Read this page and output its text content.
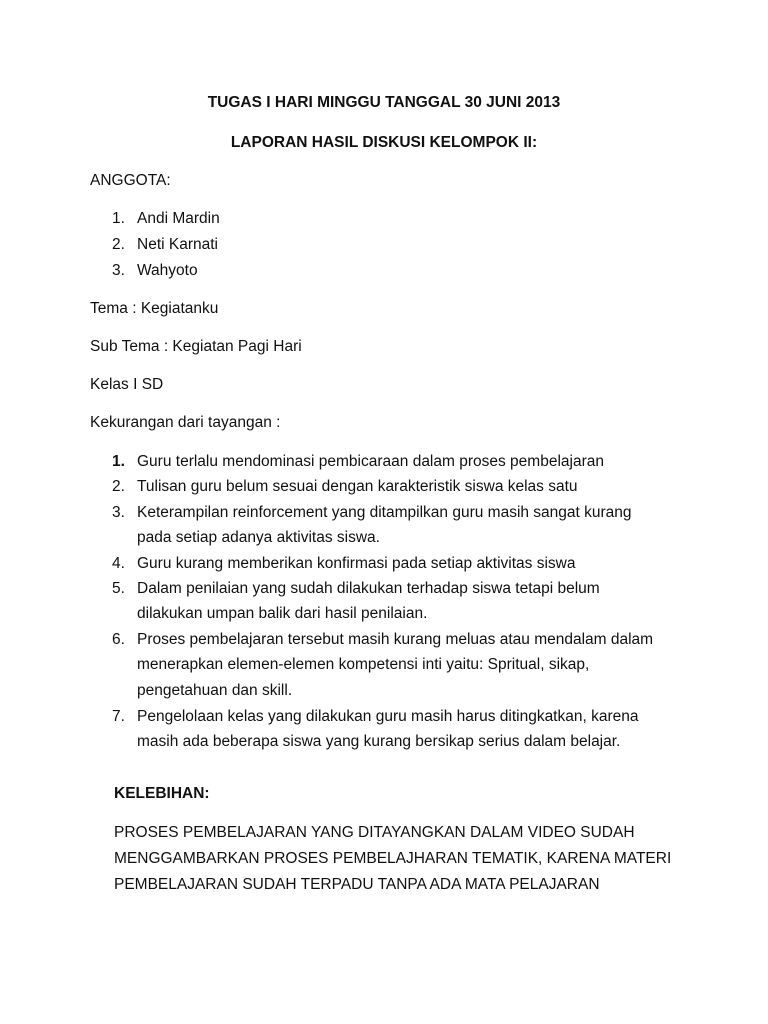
TUGAS I HARI MINGGU TANGGAL 30 JUNI 2013

LAPORAN HASIL DISKUSI KELOMPOK II:

ANGGOTA:

1. Andi Mardin
2. Neti Karnati
3. Wahyoto

Tema : Kegiatanku

Sub Tema : Kegiatan Pagi Hari

Kelas I SD

Kekurangan dari tayangan :

1. Guru terlalu mendominasi pembicaraan dalam proses pembelajaran
2. Tulisan guru belum sesuai dengan karakteristik siswa kelas satu
3. Keterampilan reinforcement yang ditampilkan guru masih sangat kurang
pada setiap adanya aktivitas siswa.
4. Guru kurang memberikan konfirmasi pada setiap aktivitas siswa
5. Dalam penilaian yang sudah dilakukan terhadap siswa tetapi belum
dilakukan umpan balik dari hasil penilaian.
6. Proses pembelajaran tersebut masih kurang meluas atau mendalam dalam
menerapkan elemen-elemen kompetensi inti yaitu: Spritual, sikap,
pengetahuan dan skill.
7. Pengelolaan kelas yang dilakukan guru masih harus ditingkatkan, karena
masih ada beberapa siswa yang kurang bersikap serius dalam belajar.

KELEBIHAN:

PROSES PEMBELAJARAN YANG DITAYANGKAN DALAM VIDEO SUDAH

MENGGAMBARKAN PROSES PEMBELAJHARAN TEMATIK, KARENA MATERI

PEMBELAJARAN SUDAH TERPADU TANPA ADA MATA PELAJARAN
